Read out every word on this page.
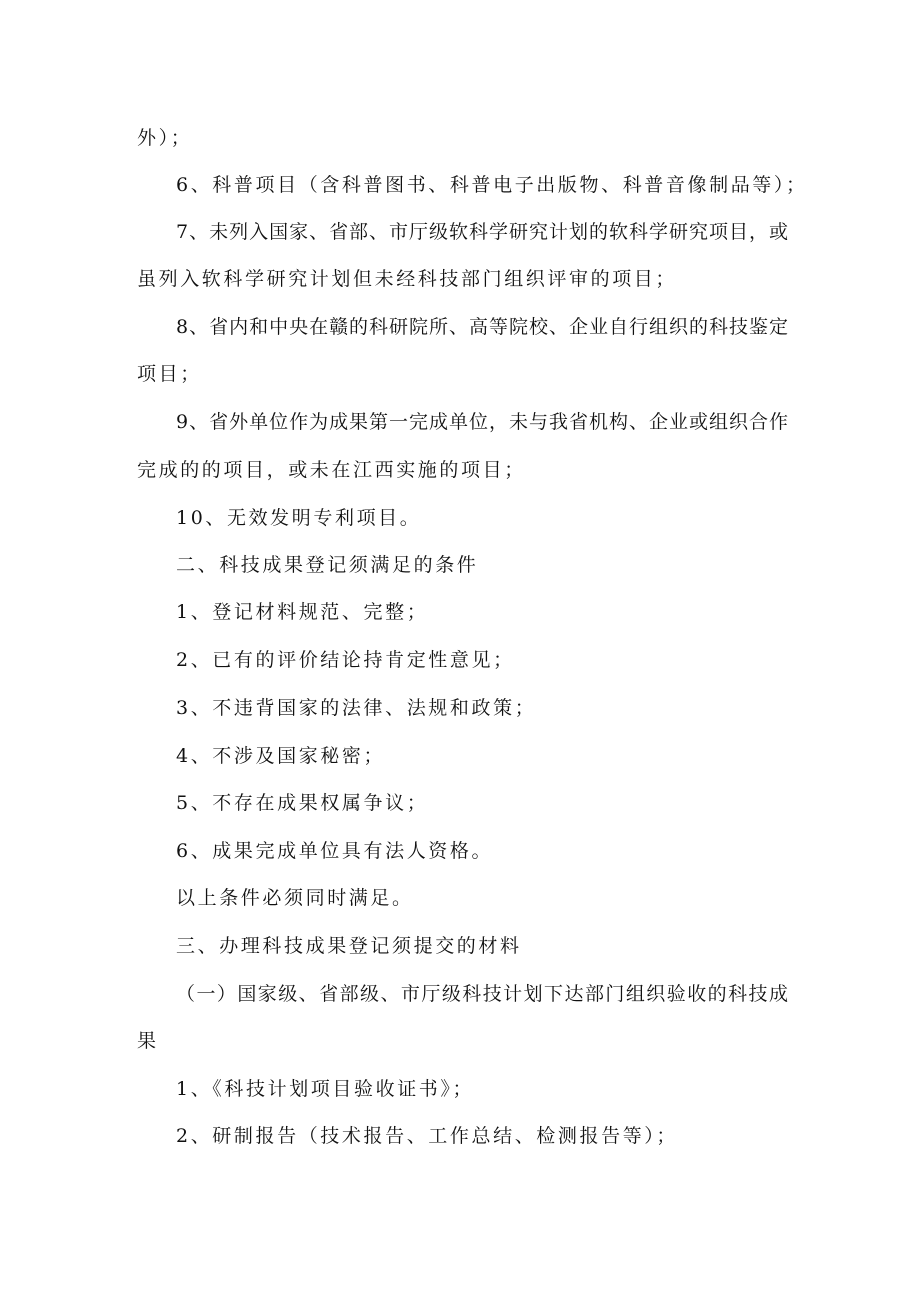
外）；
6、科普项目（含科普图书、科普电子出版物、科普音像制品等）；
7、未列入国家、省部、市厅级软科学研究计划的软科学研究项目，或
虽列入软科学研究计划但未经科技部门组织评审的项目；
8、省内和中央在赣的科研院所、高等院校、企业自行组织的科技鉴定
项目；
9、省外单位作为成果第一完成单位，未与我省机构、企业或组织合作
完成的的项目，或未在江西实施的项目；
10、无效发明专利项目。
二、科技成果登记须满足的条件
1、登记材料规范、完整；
2、已有的评价结论持肯定性意见；
3、不违背国家的法律、法规和政策；
4、不涉及国家秘密；
5、不存在成果权属争议；
6、成果完成单位具有法人资格。
以上条件必须同时满足。
三、办理科技成果登记须提交的材料
（一）国家级、省部级、市厅级科技计划下达部门组织验收的科技成
果
1、《科技计划项目验收证书》；
2、研制报告（技术报告、工作总结、检测报告等）；
